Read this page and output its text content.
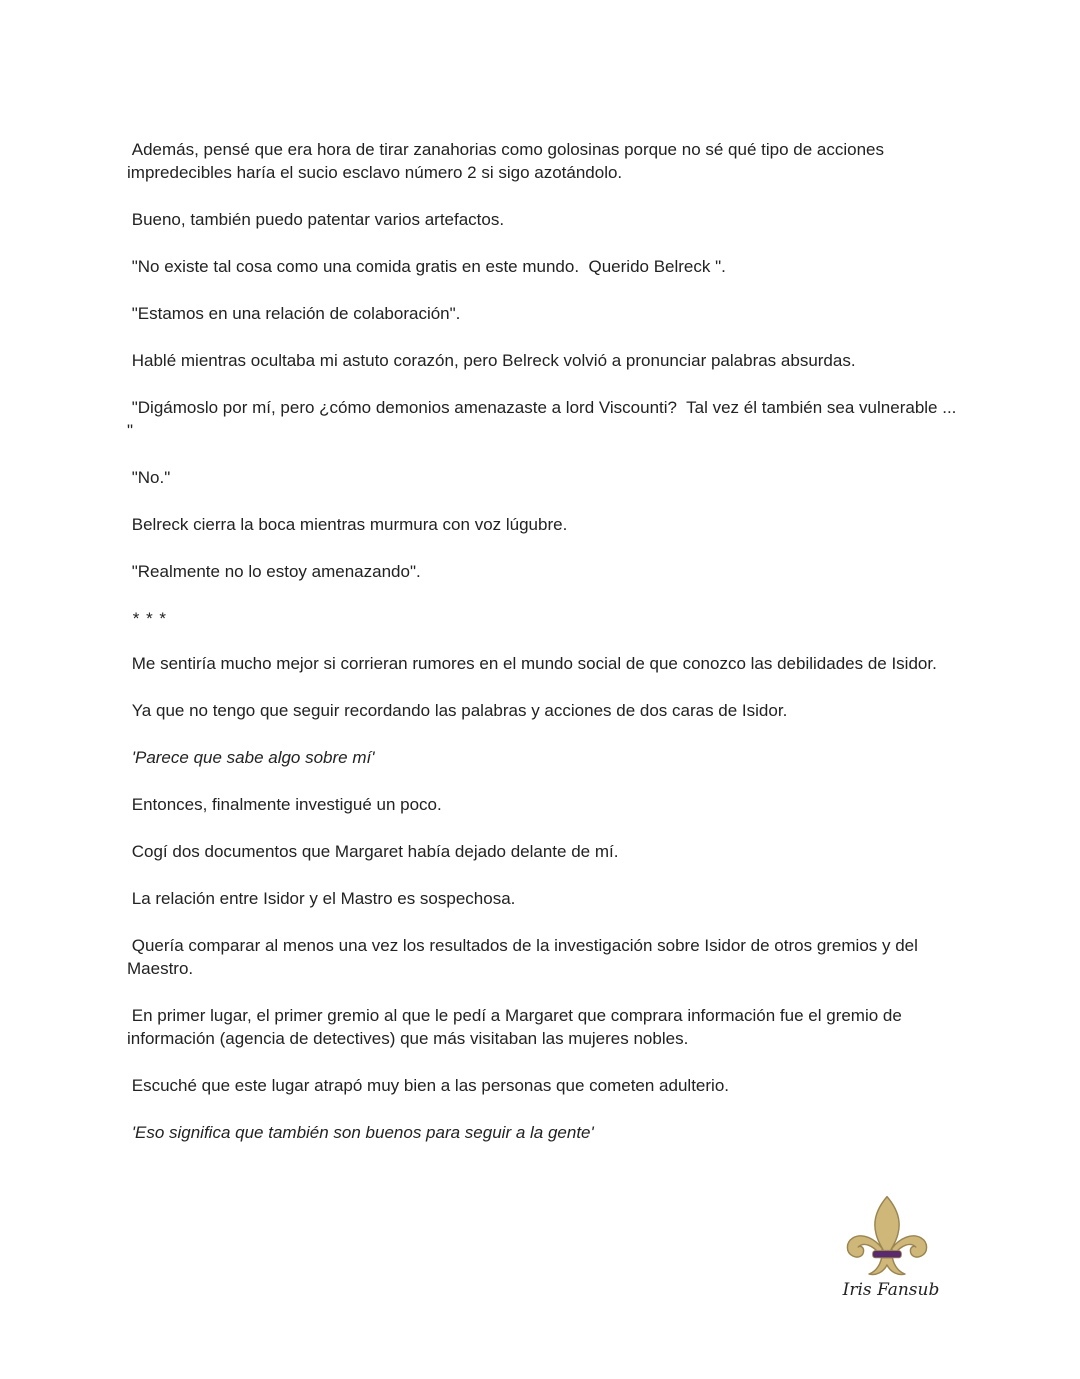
Además, pensé que era hora de tirar zanahorias como golosinas porque no sé qué tipo de acciones impredecibles haría el sucio esclavo número 2 si sigo azotándolo.

Bueno, también puedo patentar varios artefactos.

"No existe tal cosa como una comida gratis en este mundo.  Querido Belreck ".

"Estamos en una relación de colaboración".

Hablé mientras ocultaba mi astuto corazón, pero Belreck volvió a pronunciar palabras absurdas.

"Digámoslo por mí, pero ¿cómo demonios amenazaste a lord Viscounti?  Tal vez él también sea vulnerable ... "

"No."

Belreck cierra la boca mientras murmura con voz lúgubre.

"Realmente no lo estoy amenazando".

* * *

Me sentiría mucho mejor si corrieran rumores en el mundo social de que conozco las debilidades de Isidor.

Ya que no tengo que seguir recordando las palabras y acciones de dos caras de Isidor.

'Parece que sabe algo sobre mí'

Entonces, finalmente investigué un poco.

Cogí dos documentos que Margaret había dejado delante de mí.

La relación entre Isidor y el Mastro es sospechosa.

Quería comparar al menos una vez los resultados de la investigación sobre Isidor de otros gremios y del Maestro.

En primer lugar, el primer gremio al que le pedí a Margaret que comprara información fue el gremio de información (agencia de detectives) que más visitaban las mujeres nobles.

Escuché que este lugar atrapó muy bien a las personas que cometen adulterio.

'Eso significa que también son buenos para seguir a la gente'

Iris Fansub
